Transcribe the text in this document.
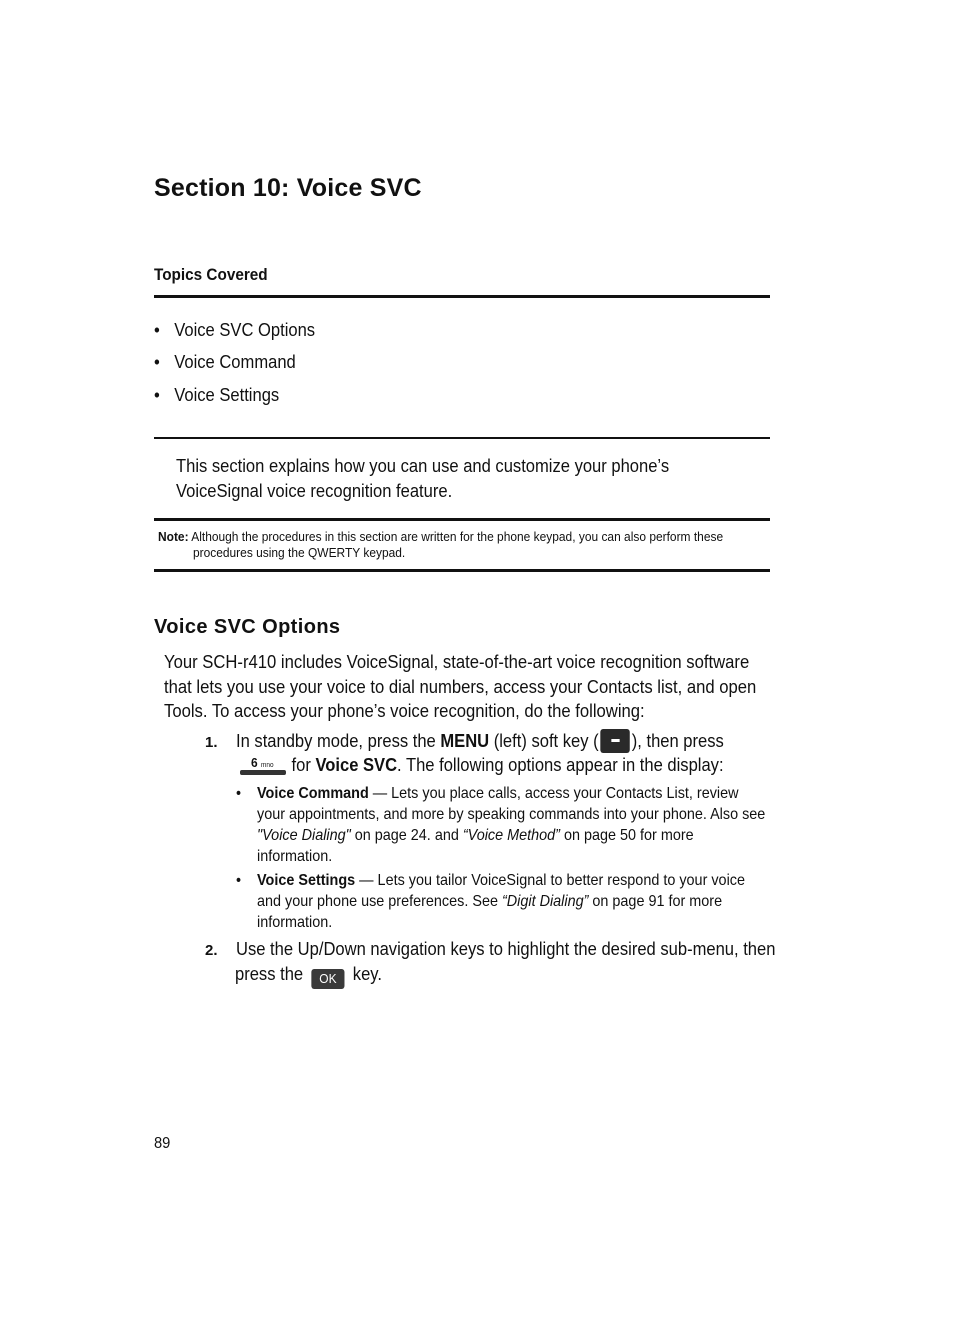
Section 10: Voice SVC
Topics Covered
• Voice SVC Options
• Voice Command
• Voice Settings
This section explains how you can use and customize your phone’s VoiceSignal voice recognition feature.
Note: Although the procedures in this section are written for the phone keypad, you can also perform these
procedures using the QWERTY keypad.
Voice SVC Options
Your SCH-r410 includes VoiceSignal, state-of-the-art voice recognition software that lets you use your voice to dial numbers, access your Contacts list, and open Tools. To access your phone’s voice recognition, do the following:
1. In standby mode, press the MENU (left) soft key ( ), then press
6 mno for Voice SVC. The following options appear in the display:
• Voice Command — Lets you place calls, access your Contacts List, review
your appointments, and more by speaking commands into your phone. Also see
"Voice Dialing" on page 24. and “Voice Method” on page 50 for more
information.
• Voice Settings — Lets you tailor VoiceSignal to better respond to your voice
and your phone use preferences. See “Digit Dialing” on page 91 for more
information.
2. Use the Up/Down navigation keys to highlight the desired sub-menu, then
press the OK key.
89
